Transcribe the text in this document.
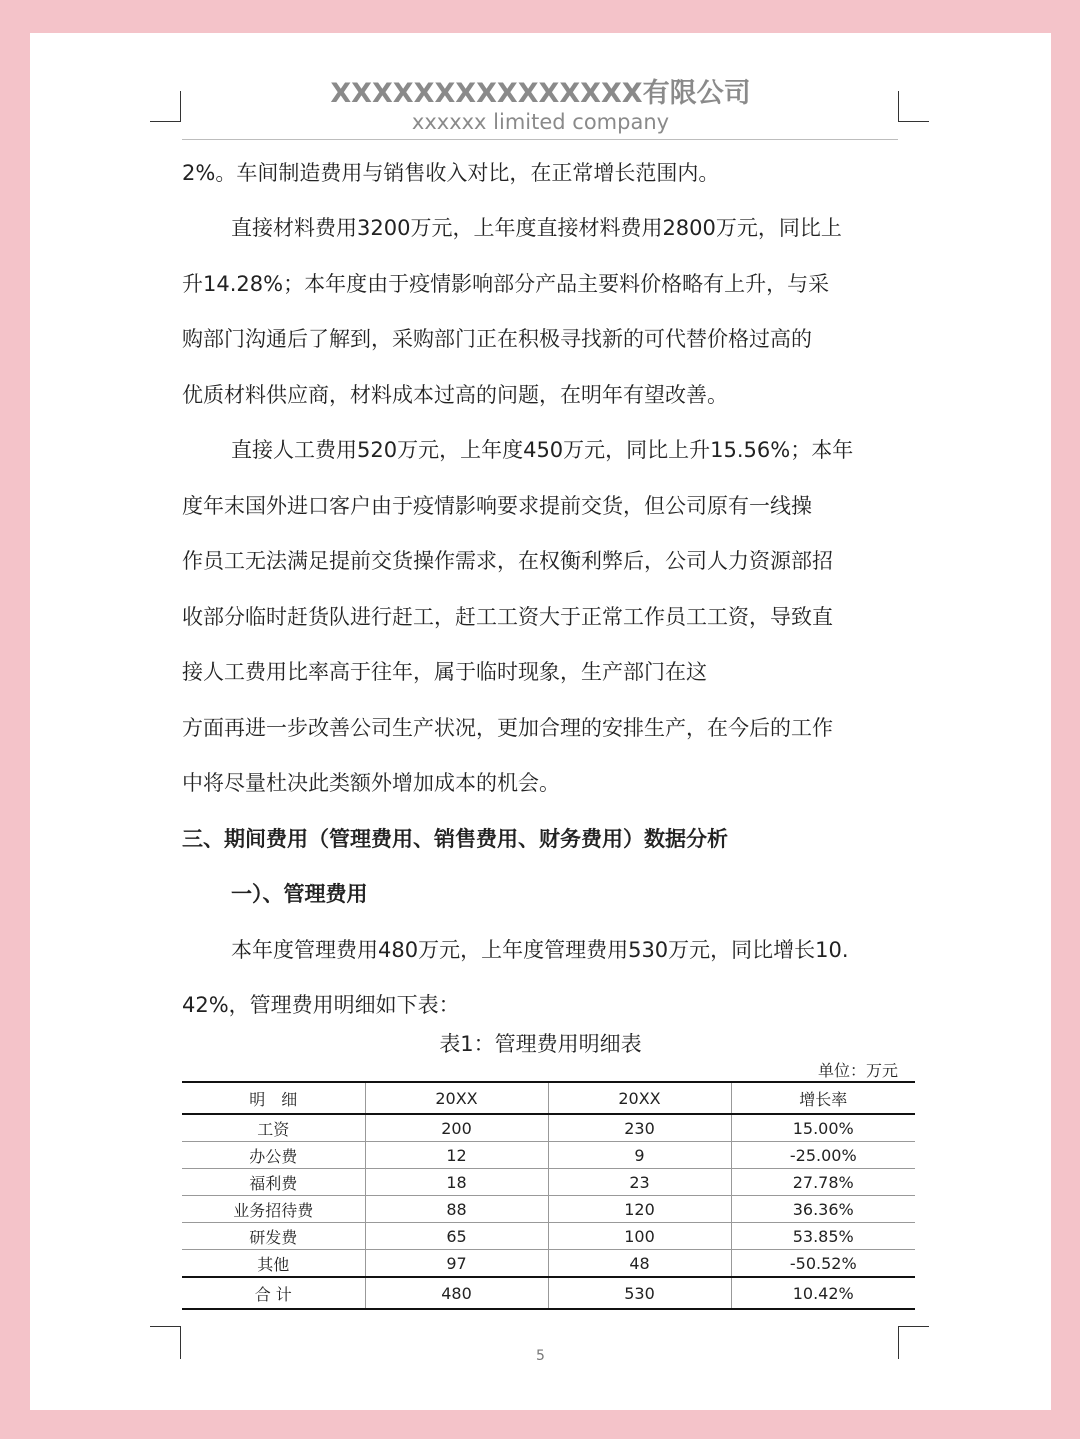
XXXXXXXXXXXXXXX有限公司
xxxxxx limited company
2%。车间制造费用与销售收入对比，在正常增长范围内。
直接材料费用3200万元，上年度直接材料费用2800万元，同比上
升14.28%；本年度由于疫情影响部分产品主要料价格略有上升，与采
购部门沟通后了解到，采购部门正在积极寻找新的可代替价格过高的
优质材料供应商，材料成本过高的问题，在明年有望改善。
直接人工费用520万元，上年度450万元，同比上升15.56%；本年
度年末国外进口客户由于疫情影响要求提前交货，但公司原有一线操
作员工无法满足提前交货操作需求，在权衡利弊后，公司人力资源部招
收部分临时赶货队进行赶工，赶工工资大于正常工作员工工资，导致直
接人工费用比率高于往年，属于临时现象，生产部门在这
方面再进一步改善公司生产状况，更加合理的安排生产，在今后的工作
中将尽量杜决此类额外增加成本的机会。
三、期间费用（管理费用、销售费用、财务费用）数据分析
一）、管理费用
本年度管理费用480万元，上年度管理费用530万元，同比增长10.
42%，管理费用明细如下表：
表1：管理费用明细表
单位：万元
明　细	20XX	20XX	增长率
工资	200	230	15.00%
办公费	12	9	-25.00%
福利费	18	23	27.78%
业务招待费	88	120	36.36%
研发费	65	100	53.85%
其他	97	48	-50.52%
合 计	480	530	10.42%
5
